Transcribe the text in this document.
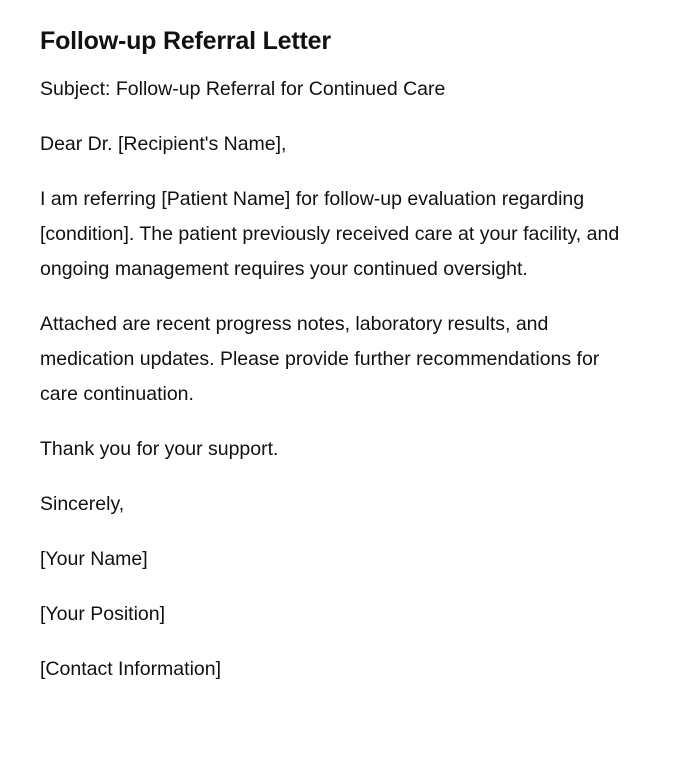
Follow-up Referral Letter

Subject: Follow-up Referral for Continued Care

Dear Dr. [Recipient's Name],

I am referring [Patient Name] for follow-up evaluation regarding [condition]. The patient previously received care at your facility, and ongoing management requires your continued oversight.

Attached are recent progress notes, laboratory results, and medication updates. Please provide further recommendations for care continuation.

Thank you for your support.

Sincerely,

[Your Name]

[Your Position]

[Contact Information]
